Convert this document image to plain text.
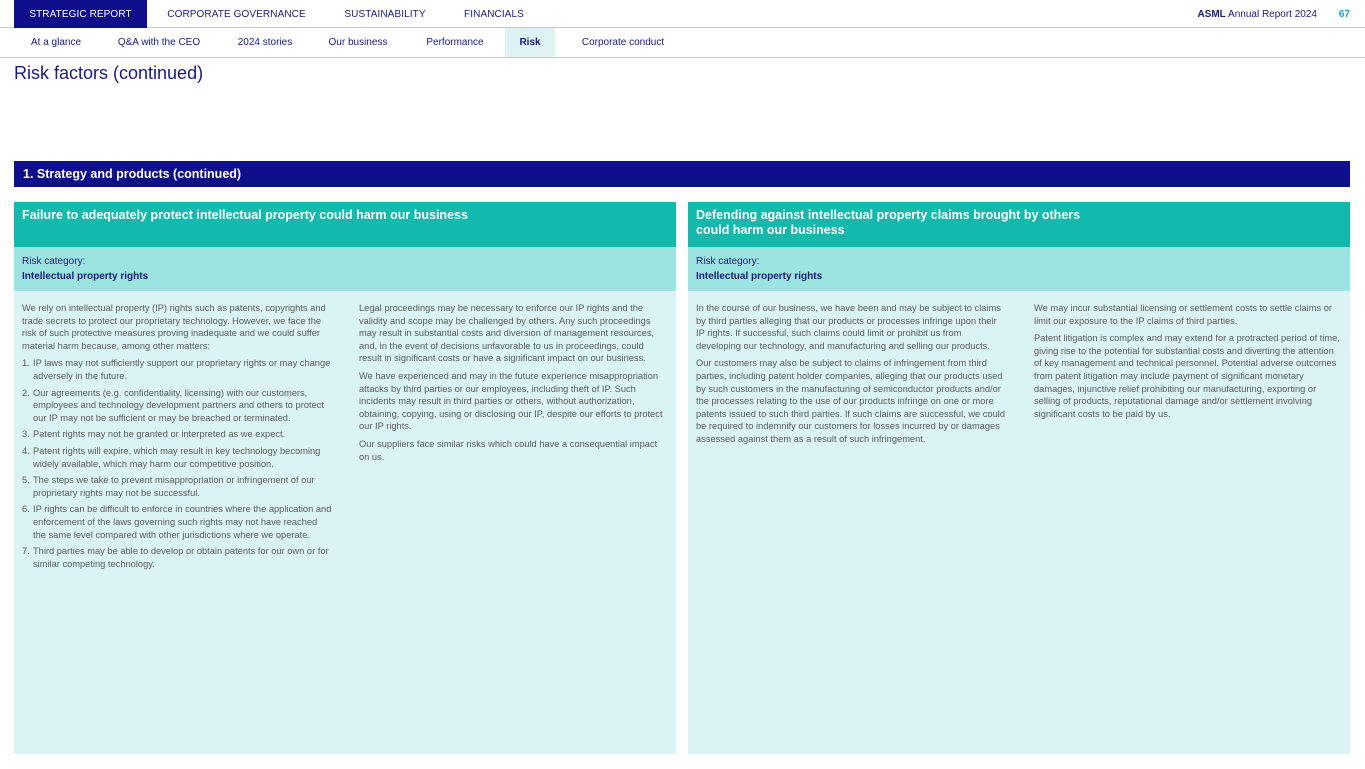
STRATEGIC REPORT	CORPORATE GOVERNANCE	SUSTAINABILITY	FINANCIALS	ASML Annual Report 2024 67
At a glance	Q&A with the CEO	2024 stories	Our business	Performance	Risk	Corporate conduct
Risk factors (continued)
1. Strategy and products (continued)
Failure to adequately protect intellectual property could harm our business
Risk category:
Intellectual property rights

We rely on intellectual property (IP) rights such as patents, copyrights and trade secrets to protect our proprietary technology. However, we face the risk of such protective measures proving inadequate and we could suffer material harm because, among other matters:

1. IP laws may not sufficiently support our proprietary rights or may change adversely in the future.
2. Our agreements (e.g. confidentiality, licensing) with our customers, employees and technology development partners and others to protect our IP may not be sufficient or may be breached or terminated.
3. Patent rights may not be granted or interpreted as we expect.
4. Patent rights will expire, which may result in key technology becoming widely available, which may harm our competitive position.
5. The steps we take to prevent misappropriation or infringement of our proprietary rights may not be successful.
6. IP rights can be difficult to enforce in countries where the application and enforcement of the laws governing such rights may not have reached the same level compared with other jurisdictions where we operate.
7. Third parties may be able to develop or obtain patents for our own or for similar competing technology.

Legal proceedings may be necessary to enforce our IP rights and the validity and scope may be challenged by others. Any such proceedings may result in substantial costs and diversion of management resources, and, in the event of decisions unfavorable to us in proceedings, could result in significant costs or have a significant impact on our business.

We have experienced and may in the future experience misappropriation attacks by third parties or our employees, including theft of IP. Such incidents may result in third parties or others, without authorization, obtaining, copying, using or disclosing our IP, despite our efforts to protect our IP rights.

Our suppliers face similar risks which could have a consequential impact on us.

Defending against intellectual property claims brought by others could harm our business
Risk category:
Intellectual property rights

In the course of our business, we have been and may be subject to claims by third parties alleging that our products or processes infringe upon their IP rights. If successful, such claims could limit or prohibit us from developing our technology, and manufacturing and selling our products.

Our customers may also be subject to claims of infringement from third parties, including patent holder companies, alleging that our products used by such customers in the manufacturing of semiconductor products and/or the processes relating to the use of our products infringe on one or more patents issued to such third parties. If such claims are successful, we could be required to indemnify our customers for losses incurred by or damages assessed against them as a result of such infringement.

We may incur substantial licensing or settlement costs to settle claims or limit our exposure to the IP claims of third parties.

Patent litigation is complex and may extend for a protracted period of time, giving rise to the potential for substantial costs and diverting the attention of key management and technical personnel. Potential adverse outcomes from patent litigation may include payment of significant monetary damages, injunctive relief prohibiting our manufacturing, exporting or selling of products, reputational damage and/or settlement involving significant costs to be paid by us.
